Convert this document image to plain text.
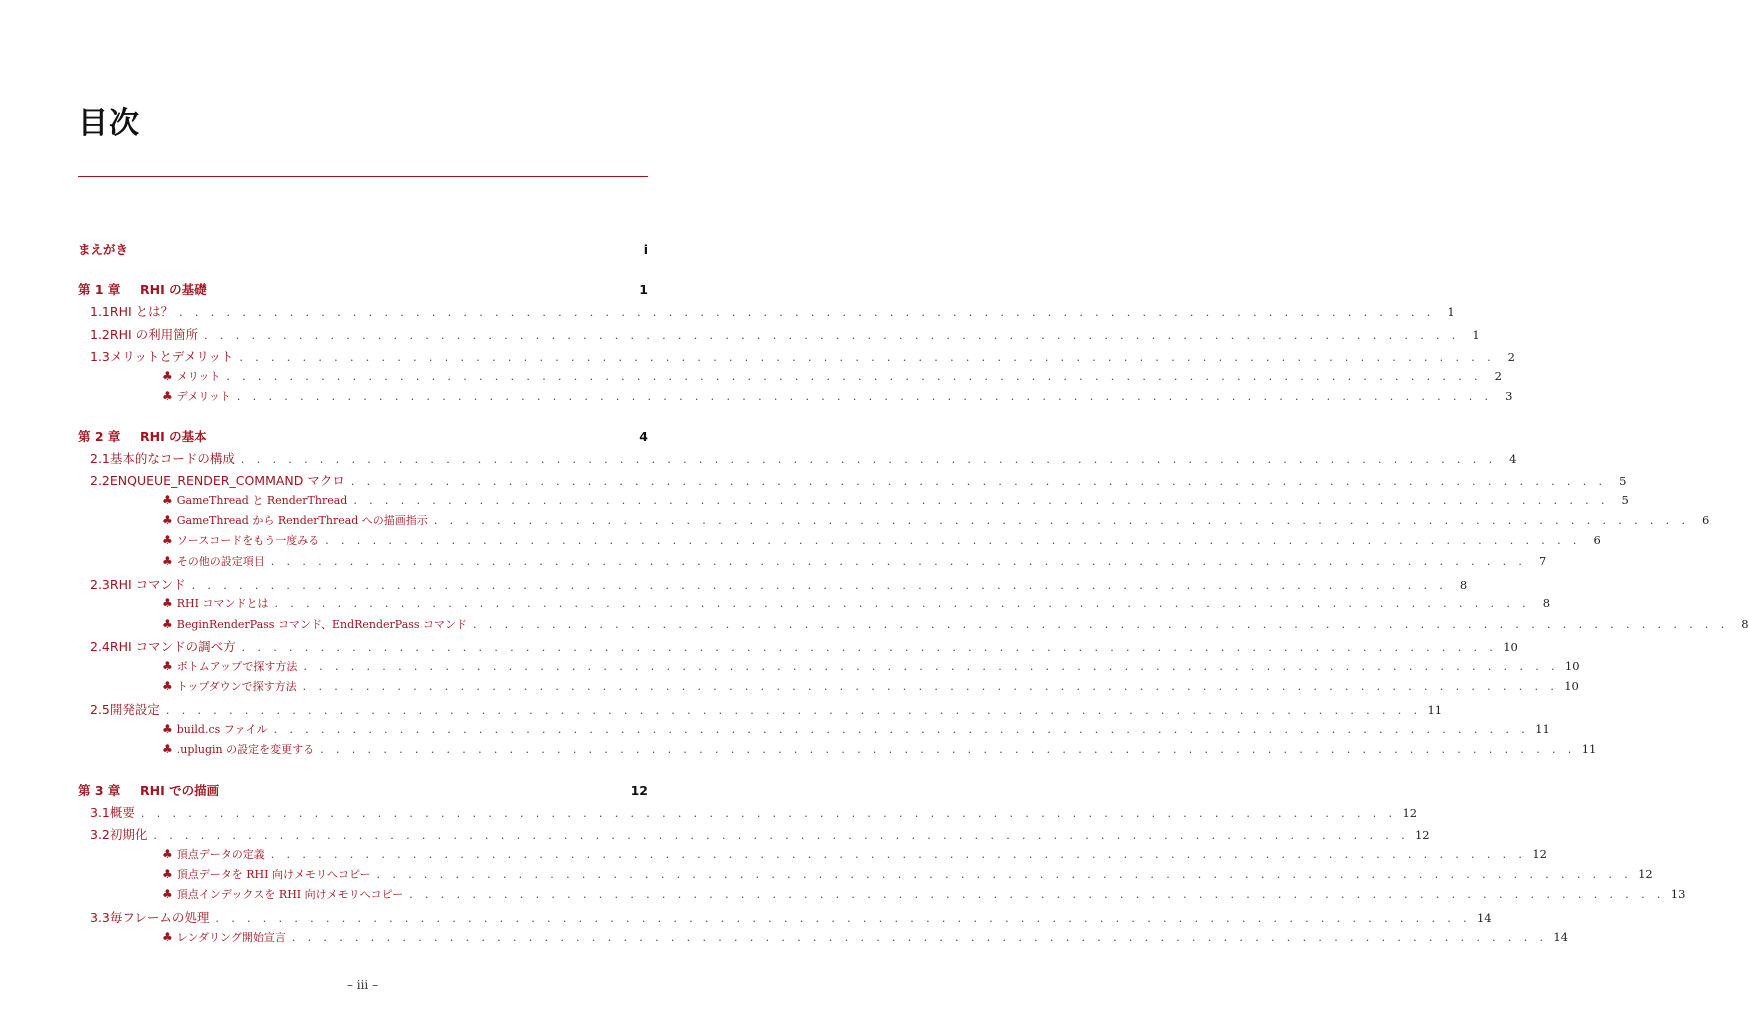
目次
まえがき	i
第 1 章	RHI の基礎	1
1.1 RHI とは？ . . . . . . . . . . . . . . . . . . . . . . . . . . . . . . . . . . . . . . . . . . . . . . . . . . . . . . . . . . . . . . . . . . . . . . . . . . . . . . . .	1
1.2 RHI の利用箇所 . . . . . . . . . . . . . . . . . . . . . . . . . . . . . . . . . . . . . . . . . . . . . . . . . . . . . . . . . . . . . . . . . . . . . . . . . . . . . . . .	1
1.3 メリットとデメリット . . . . . . . . . . . . . . . . . . . . . . . . . . . . . . . . . . . . . . . . . . . . . . . . . . . . . . . . . . . . . . . . . . . . . . . . . . . . . . . .	2
♣ メリット . . . . . . . . . . . . . . . . . . . . . . . . . . . . . . . . . . . . . . . . . . . . . . . . . . . . . . . . . . . . . . . . . . . . . . . . . . . . . . . .	2
♣ デメリット . . . . . . . . . . . . . . . . . . . . . . . . . . . . . . . . . . . . . . . . . . . . . . . . . . . . . . . . . . . . . . . . . . . . . . . . . . . . . . . .	3
第 2 章	RHI の基本	4
2.1 基本的なコードの構成 . . . . . . . . . . . . . . . . . . . . . . . . . . . . . . . . . . . . . . . . . . . . . . . . . . . . . . . . . . . . . . . . . . . . . . . . . . . . . . . .	4
2.2 ENQUEUE_RENDER_COMMAND マクロ . . . . . . . . . . . . . . . . . . . . . . . . . . . . . . . . . . . . . . . . . . . . . . . . . . . . . . . . . . . . . . . . . . . . . . . . . . . . . . . .	5
♣ GameThread と RenderThread . . . . . . . . . . . . . . . . . . . . . . . . . . . . . . . . . . . . . . . . . . . . . . . . . . . . . . . . . . . . . . . . . . . . . . . . . . . . . . . .	5
♣ GameThread から RenderThread への描画指示 . . . . . . . . . . . . . . . . . . . . . . . . . . . . . . . . . . . . . . . . . . . . . . . . . . . . . . . . . . . . . . . . . . . . . . . . . . . . . . . .	6
♣ ソースコードをもう一度みる . . . . . . . . . . . . . . . . . . . . . . . . . . . . . . . . . . . . . . . . . . . . . . . . . . . . . . . . . . . . . . . . . . . . . . . . . . . . . . . .	6
♣ その他の設定項目 . . . . . . . . . . . . . . . . . . . . . . . . . . . . . . . . . . . . . . . . . . . . . . . . . . . . . . . . . . . . . . . . . . . . . . . . . . . . . . . .	7
2.3 RHI コマンド . . . . . . . . . . . . . . . . . . . . . . . . . . . . . . . . . . . . . . . . . . . . . . . . . . . . . . . . . . . . . . . . . . . . . . . . . . . . . . . .	8
♣ RHI コマンドとは . . . . . . . . . . . . . . . . . . . . . . . . . . . . . . . . . . . . . . . . . . . . . . . . . . . . . . . . . . . . . . . . . . . . . . . . . . . . . . . .	8
♣ BeginRenderPass コマンド、EndRenderPass コマンド . . . . . . . . . . . . . . . . . . . . . . . . . . . . . . . . . . . . . . . . . . . . . . . . . . . . . . . . . . . . . . . . . . . . . . . . . . . . . . . .	8
2.4 RHI コマンドの調べ方 . . . . . . . . . . . . . . . . . . . . . . . . . . . . . . . . . . . . . . . . . . . . . . . . . . . . . . . . . . . . . . . . . . . . . . . . . . . . . . . . 10
♣ ボトムアップで探す方法 . . . . . . . . . . . . . . . . . . . . . . . . . . . . . . . . . . . . . . . . . . . . . . . . . . . . . . . . . . . . . . . . . . . . . . . . . . . . . . . . 10
♣ トップダウンで探す方法 . . . . . . . . . . . . . . . . . . . . . . . . . . . . . . . . . . . . . . . . . . . . . . . . . . . . . . . . . . . . . . . . . . . . . . . . . . . . . . . . 10
2.5 開発設定 . . . . . . . . . . . . . . . . . . . . . . . . . . . . . . . . . . . . . . . . . . . . . . . . . . . . . . . . . . . . . . . . . . . . . . . . . . . . . . . . 11
♣ build.cs ファイル . . . . . . . . . . . . . . . . . . . . . . . . . . . . . . . . . . . . . . . . . . . . . . . . . . . . . . . . . . . . . . . . . . . . . . . . . . . . . . . . 11
♣ .uplugin の設定を変更する . . . . . . . . . . . . . . . . . . . . . . . . . . . . . . . . . . . . . . . . . . . . . . . . . . . . . . . . . . . . . . . . . . . . . . . . . . . . . . . . 11
第 3 章	RHI での描画	12
3.1 概要 . . . . . . . . . . . . . . . . . . . . . . . . . . . . . . . . . . . . . . . . . . . . . . . . . . . . . . . . . . . . . . . . . . . . . . . . . . . . . . . . 12
3.2 初期化 . . . . . . . . . . . . . . . . . . . . . . . . . . . . . . . . . . . . . . . . . . . . . . . . . . . . . . . . . . . . . . . . . . . . . . . . . . . . . . . . 12
♣ 頂点データの定義 . . . . . . . . . . . . . . . . . . . . . . . . . . . . . . . . . . . . . . . . . . . . . . . . . . . . . . . . . . . . . . . . . . . . . . . . . . . . . . . . 12
♣ 頂点データを RHI 向けメモリへコピー . . . . . . . . . . . . . . . . . . . . . . . . . . . . . . . . . . . . . . . . . . . . . . . . . . . . . . . . . . . . . . . . . . . . . . . . . . . . . . . . 12
♣ 頂点インデックスを RHI 向けメモリへコピー . . . . . . . . . . . . . . . . . . . . . . . . . . . . . . . . . . . . . . . . . . . . . . . . . . . . . . . . . . . . . . . . . . . . . . . . . . . . . . . . 13
3.3 毎フレームの処理 . . . . . . . . . . . . . . . . . . . . . . . . . . . . . . . . . . . . . . . . . . . . . . . . . . . . . . . . . . . . . . . . . . . . . . . . . . . . . . . . 14
♣ レンダリング開始宣言 . . . . . . . . . . . . . . . . . . . . . . . . . . . . . . . . . . . . . . . . . . . . . . . . . . . . . . . . . . . . . . . . . . . . . . . . . . . . . . . . 14
– iii –
